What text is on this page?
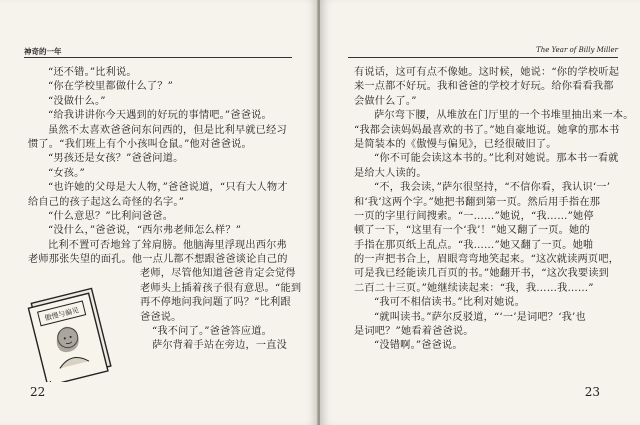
神奇的一年
“还不错。”比利说。
“你在学校里都做什么了？”
“没做什么。”
“给我讲讲你今天遇到的好玩的事情吧。”爸爸说。
虽然不太喜欢爸爸问东问西的，但是比利早就已经习
惯了。“我们班上有个小孩叫仓鼠。”他对爸爸说。
“男孩还是女孩？”爸爸问道。
“女孩。”
“也许她的父母是大人物，”爸爸说道，“只有大人物才
给自己的孩子起这么奇怪的名字。”
“什么意思？”比利问爸爸。
“没什么，”爸爸说，“西尔弗老师怎么样？”
比利不置可否地耸了耸肩膀。他脑海里浮现出西尔弗
老师那张失望的面孔。他一点儿都不想跟爸爸谈论自己的
老师，尽管他知道爸爸肯定会觉得
老师头上插着孩子很有意思。“能到
再不停地问我问题了吗？”比利跟
爸爸说。
“我不问了。”爸爸答应道。
萨尔背着手站在旁边，一直没
傲慢与偏见
22
The Year of Billy Miller
有说话，这可有点不像她。这时候，她说：“你的学校听起
来一点都不好玩。我和爸爸的学校才好玩。给你看看我都
会做什么了。”
萨尔弯下腰，从堆放在门厅里的一个书堆里抽出来一本。
“我都会读妈妈最喜欢的书了。”她自豪地说。她拿的那本书
是简装本的《傲慢与偏见》，已经很破旧了。
“你不可能会读这本书的。”比利对她说。那本书一看就
是给大人读的。
“不，我会读，”萨尔很坚持，“不信你看，我认识‘一’
和‘我’这两个字。”她把书翻到第一页。然后用手指在那
一页的字里行间搜索。“一……”她说，“我……”她停
顿了一下，“这里有一个‘我’！”她又翻了一页。她的
手指在那页纸上乱点。“我……”她又翻了一页。她啪
的一声把书合上，眉眼弯弯地笑起来。“这次就读两页吧，
可是我已经能读几百页的书。”她翻开书，“这次我要读到
二百二十三页。”她继续读起来：“我，我……我……”
“我可不相信读书。”比利对她说。
“就叫读书。”萨尔反驳道，“‘一’是词吧？‘我’也
是词吧？”她看着爸爸说。
“没错啊。”爸爸说。
23
